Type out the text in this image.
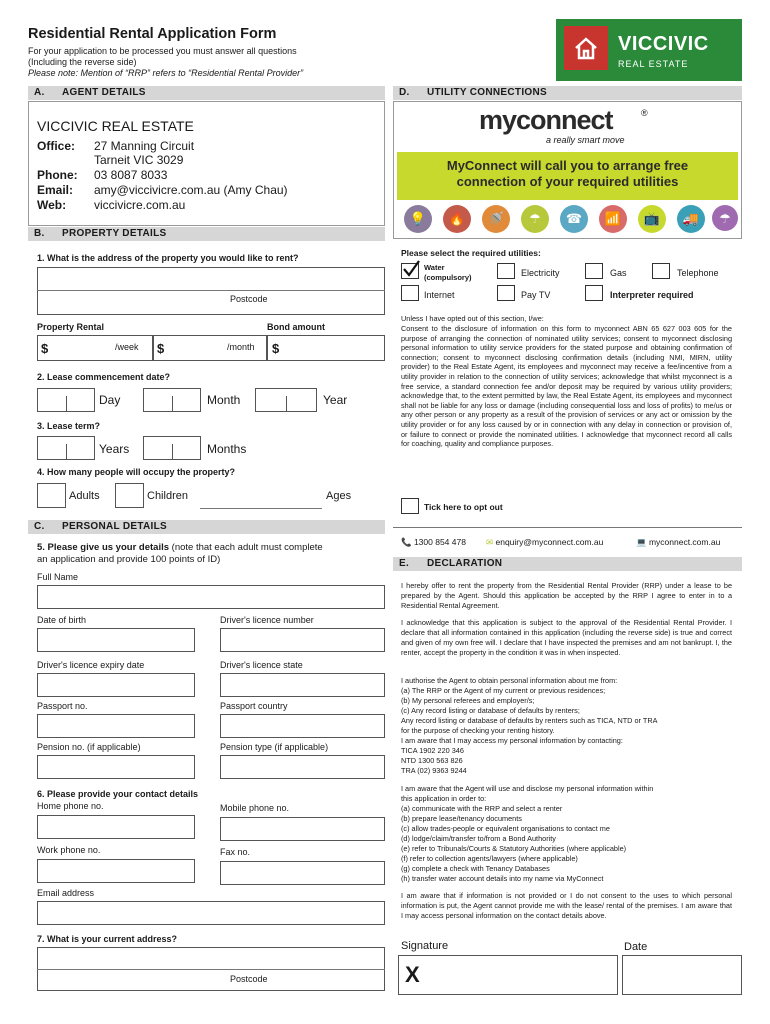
Residential Rental Application Form
For your application to be processed you must answer all questions
(Including the reverse side)
Please note: Mention of “RRP” refers to “Residential Rental Provider”
VICCIVIC
REAL ESTATE
A. AGENT DETAILS
VICCIVIC REAL ESTATE
Office: 27 Manning Circuit
Tarneit VIC 3029
Phone: 03 8087 8033
Email: amy@viccivicre.com.au (Amy Chau)
Web: viccivicre.com.au
B. PROPERTY DETAILS
1. What is the address of the property you would like to rent?
Postcode
Property Rental	Bond amount
$	/week $	/month $
2. Lease commencement date?
Day	Month	Year
3. Lease term?
Years	Months
4. How many people will occupy the property?
Adults	Children	Ages
C. PERSONAL DETAILS
5. Please give us your details (note that each adult must complete
an application and provide 100 points of ID)
Full Name
Date of birth	Driver's licence number
Driver's licence expiry date	Driver's licence state
Passport no.	Passport country
Pension no. (if applicable)	Pension type (if applicable)
6. Please provide your contact details
Home phone no.	Mobile phone no.
Work phone no.	Fax no.
Email address
7. What is your current address?
Postcode
D. UTILITY CONNECTIONS
myconnect	®
a really smart move
MyConnect will call you to arrange free
connection of your required utilities
💡	🔥	🚿	☂	☎	📶	📺	🚚	☂
Please select the required utilities:
Water
(compulsory)	Electricity	Gas	Telephone
Internet	Pay TV	Interpreter required
Unless I have opted out of this section, I/we:
Consent to the disclosure of information on this form to myconnect ABN 65 627 003 605 for the purpose of arranging the connection of nominated utility services; consent to myconnect disclosing personal information to utility service providers for the stated purpose and obtaining confirmation of connection; consent to myconnect disclosing confirmation details (including NMI, MIRN, utility provider) to the Real Estate Agent, its employees and myconnect may receive a fee/incentive from a utility provider in relation to the connection of utility services; acknowledge that whilst myconnect is a free service, a standard connection fee and/or deposit may be required by various utility providers; acknowledge that, to the extent permitted by law, the Real Estate Agent, its employees and myconnect shall not be liable for any loss or damage (including consequential loss and loss of profits) to me/us or any other person or any property as a result of the provision of services or any act or omission by the utility provider or for any loss caused by or in connection with any delay in connection or provision of, or failure to connect or provide the nominated utilities. I acknowledge that myconnect record all calls for coaching, quality and compliance purposes.
Tick here to opt out
📞 1300 854 478 ✉ enquiry@myconnect.com.au	💻 myconnect.com.au
E. DECLARATION
I hereby offer to rent the property from the Residential Rental Provider (RRP) under a lease to be prepared by the Agent. Should this application be accepted by the RRP I agree to enter in to a Residential Rental Agreement.
I acknowledge that this application is subject to the approval of the Residential Rental Provider. I declare that all information contained in this application (including the reverse side) is true and correct and given of my own free will. I declare that I have inspected the premises and am not bankrupt. I, the renter, accept the property in the condition it was in when inspected.
I authorise the Agent to obtain personal information about me from:
(a) The RRP or the Agent of my current or previous residences;
(b) My personal referees and employer/s;
(c) Any record listing or database of defaults by renters;
Any record listing or database of defaults by renters such as TICA, NTD or TRA
for the purpose of checking your renting history.
I am aware that I may access my personal information by contacting:
TICA 1902 220 346
NTD 1300 563 826
TRA (02) 9363 9244
I am aware that the Agent will use and disclose my personal information within
this application in order to:
(a) communicate with the RRP and select a renter
(b) prepare lease/tenancy documents
(c) allow trades-people or equivalent organisations to contact me
(d) lodge/claim/transfer to/from a Bond Authority
(e) refer to Tribunals/Courts & Statutory Authorities (where applicable)
(f) refer to collection agents/lawyers (where applicable)
(g) complete a check with Tenancy Databases
(h) transfer water account details into my name via MyConnect
I am aware that if information is not provided or I do not consent to the uses to which personal information is put, the Agent cannot provide me with the lease/ rental of the premises. I am aware that I may access personal information on the contact details above.
Signature	Date
X
